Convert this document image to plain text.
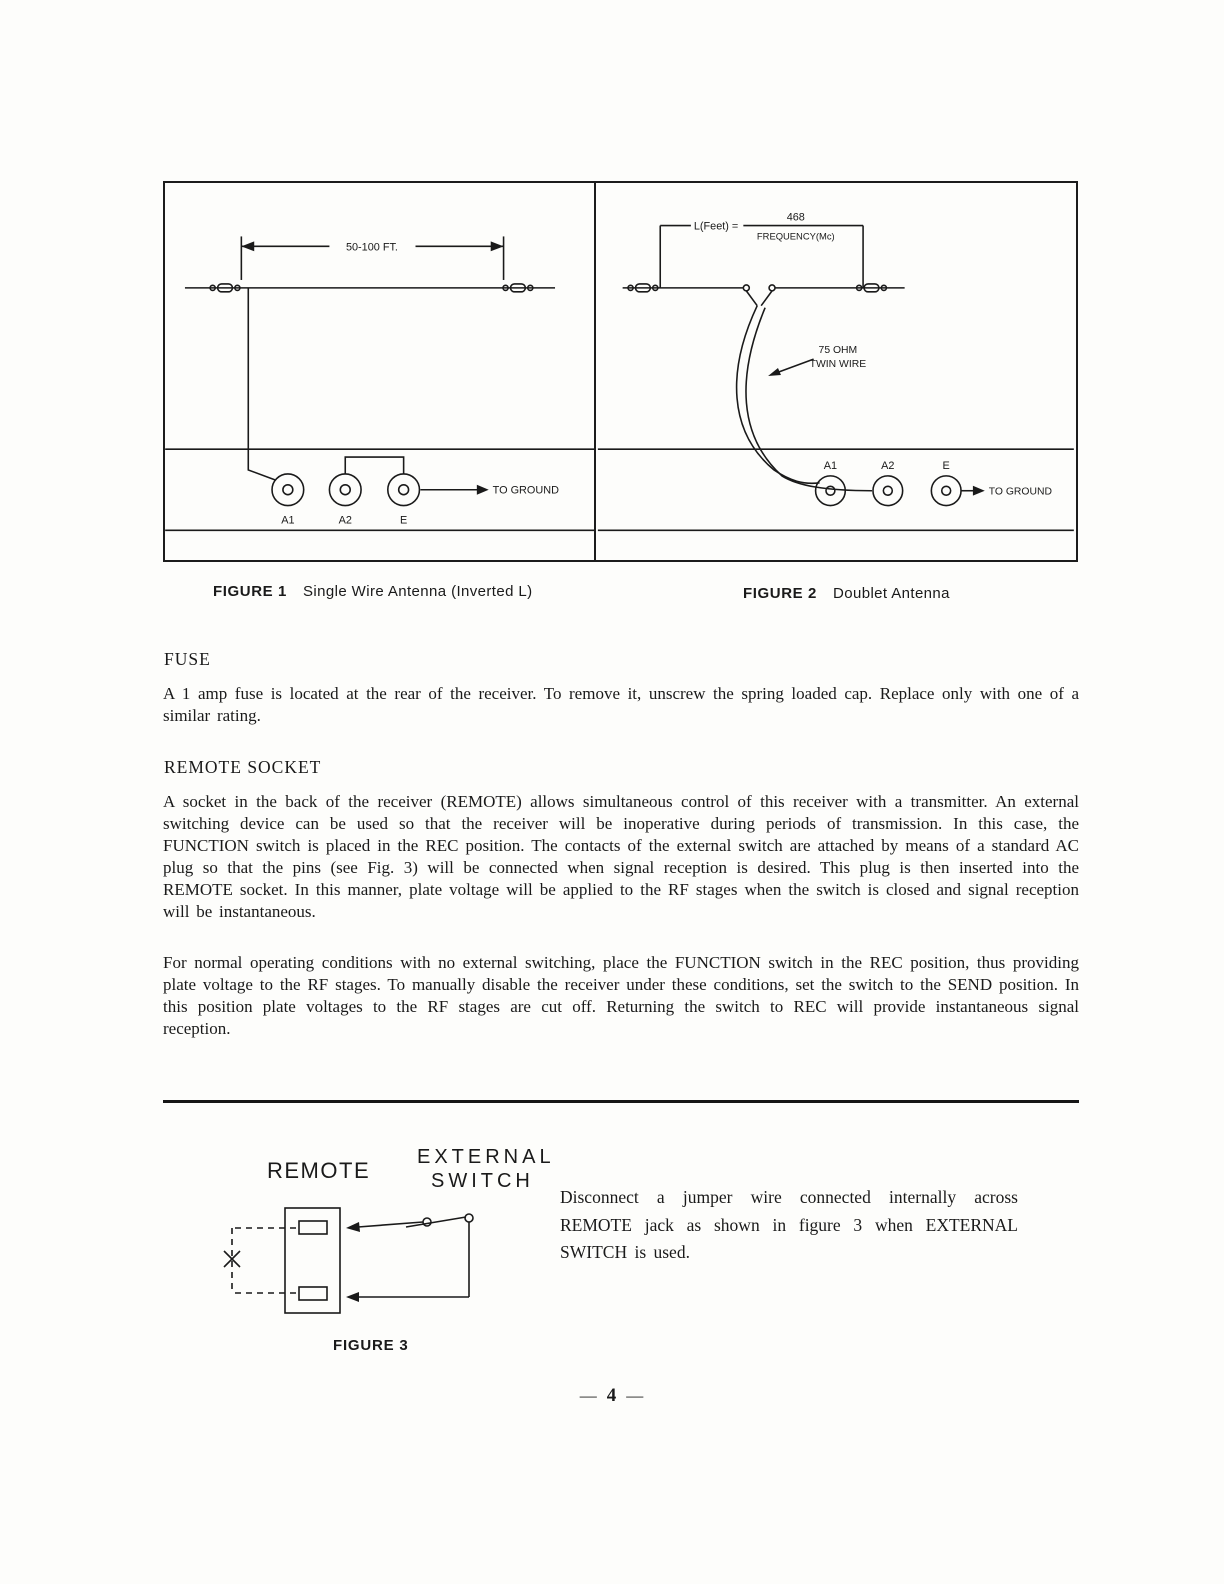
50-100 FT.
A1	A2	E
TO GROUND
L(Feet) =
468
FREQUENCY(Mc)
75 OHM
TWIN WIRE
A1	A2	E
TO GROUND
FIGURE 1 Single Wire Antenna (Inverted L)	FIGURE 2 Doublet Antenna
FUSE

A 1 amp fuse is located at the rear of the receiver. To remove it, unscrew the spring loaded cap. Replace only with one of a similar rating.

REMOTE SOCKET

A socket in the back of the receiver (REMOTE) allows simultaneous control of this receiver with a transmitter. An external switching device can be used so that the receiver will be inoperative during periods of transmission. In this case, the FUNCTION switch is placed in the REC position. The contacts of the external switch are attached by means of a standard AC plug so that the pins (see Fig. 3) will be connected when signal reception is desired. This plug is then inserted into the REMOTE socket. In this manner, plate voltage will be applied to the RF stages when the switch is closed and signal reception will be instantaneous.

For normal operating conditions with no external switching, place the FUNCTION switch in the REC position, thus providing plate voltage to the RF stages. To manually disable the receiver under these conditions, set the switch to the SEND position. In this position plate voltages to the RF stages are cut off. Returning the switch to REC will provide instantaneous signal reception.

REMOTE
EXTERNAL
SWITCH
FIGURE 3
Disconnect a jumper wire connected internally across REMOTE jack as shown in figure 3 when EXTERNAL SWITCH is used.
— 4 —
